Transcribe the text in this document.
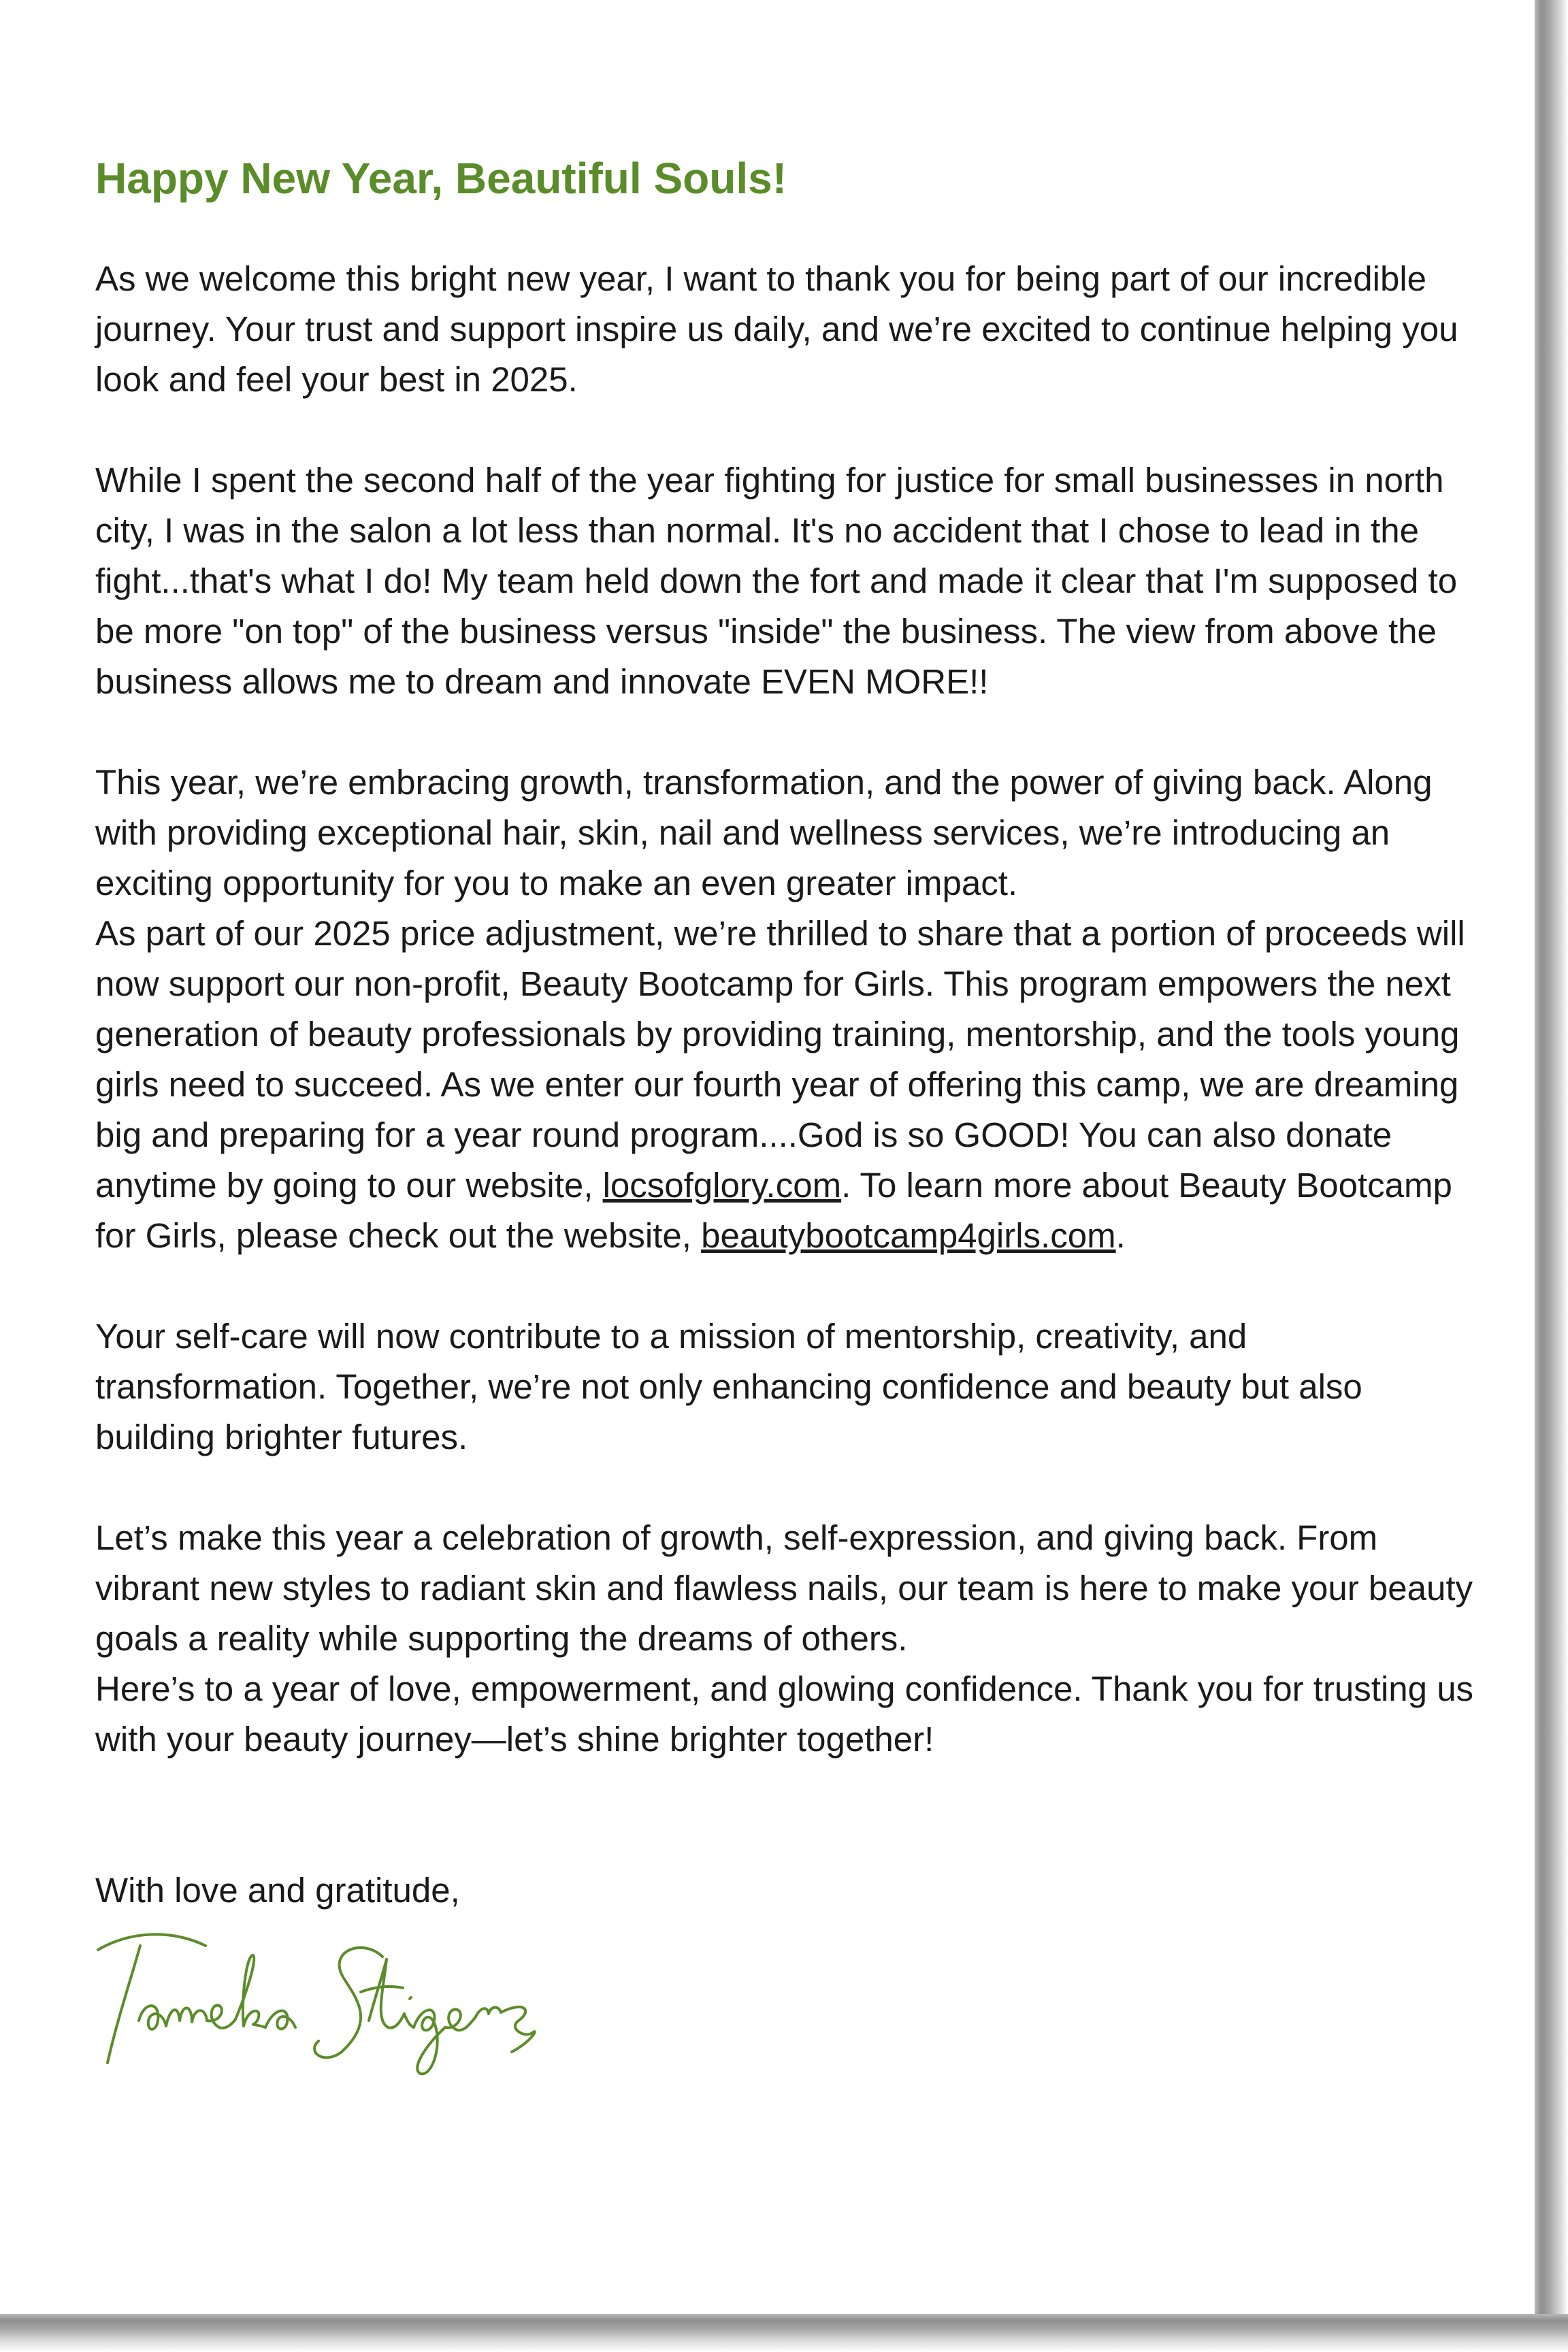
Happy New Year, Beautiful Souls!

As we welcome this bright new year, I want to thank you for being part of our incredible journey. Your trust and support inspire us daily, and we’re excited to continue helping you look and feel your best in 2025.

While I spent the second half of the year fighting for justice for small businesses in north city, I was in the salon a lot less than normal. It's no accident that I chose to lead in the fight...that's what I do! My team held down the fort and made it clear that I'm supposed to be more "on top" of the business versus "inside" the business. The view from above the business allows me to dream and innovate EVEN MORE!!

This year, we’re embracing growth, transformation, and the power of giving back. Along with providing exceptional hair, skin, nail and wellness services, we’re introducing an exciting opportunity for you to make an even greater impact.

As part of our 2025 price adjustment, we’re thrilled to share that a portion of proceeds will now support our non-profit, Beauty Bootcamp for Girls. This program empowers the next generation of beauty professionals by providing training, mentorship, and the tools young girls need to succeed. As we enter our fourth year of offering this camp, we are dreaming big and preparing for a year round program....God is so GOOD! You can also donate anytime by going to our website, locsofglory.com. To learn more about Beauty Bootcamp for Girls, please check out the website, beautybootcamp4girls.com.

Your self-care will now contribute to a mission of mentorship, creativity, and transformation. Together, we’re not only enhancing confidence and beauty but also building brighter futures.

Let’s make this year a celebration of growth, self-expression, and giving back. From vibrant new styles to radiant skin and flawless nails, our team is here to make your beauty goals a reality while supporting the dreams of others.

Here’s to a year of love, empowerment, and glowing confidence. Thank you for trusting us with your beauty journey—let’s shine brighter together!

With love and gratitude,
